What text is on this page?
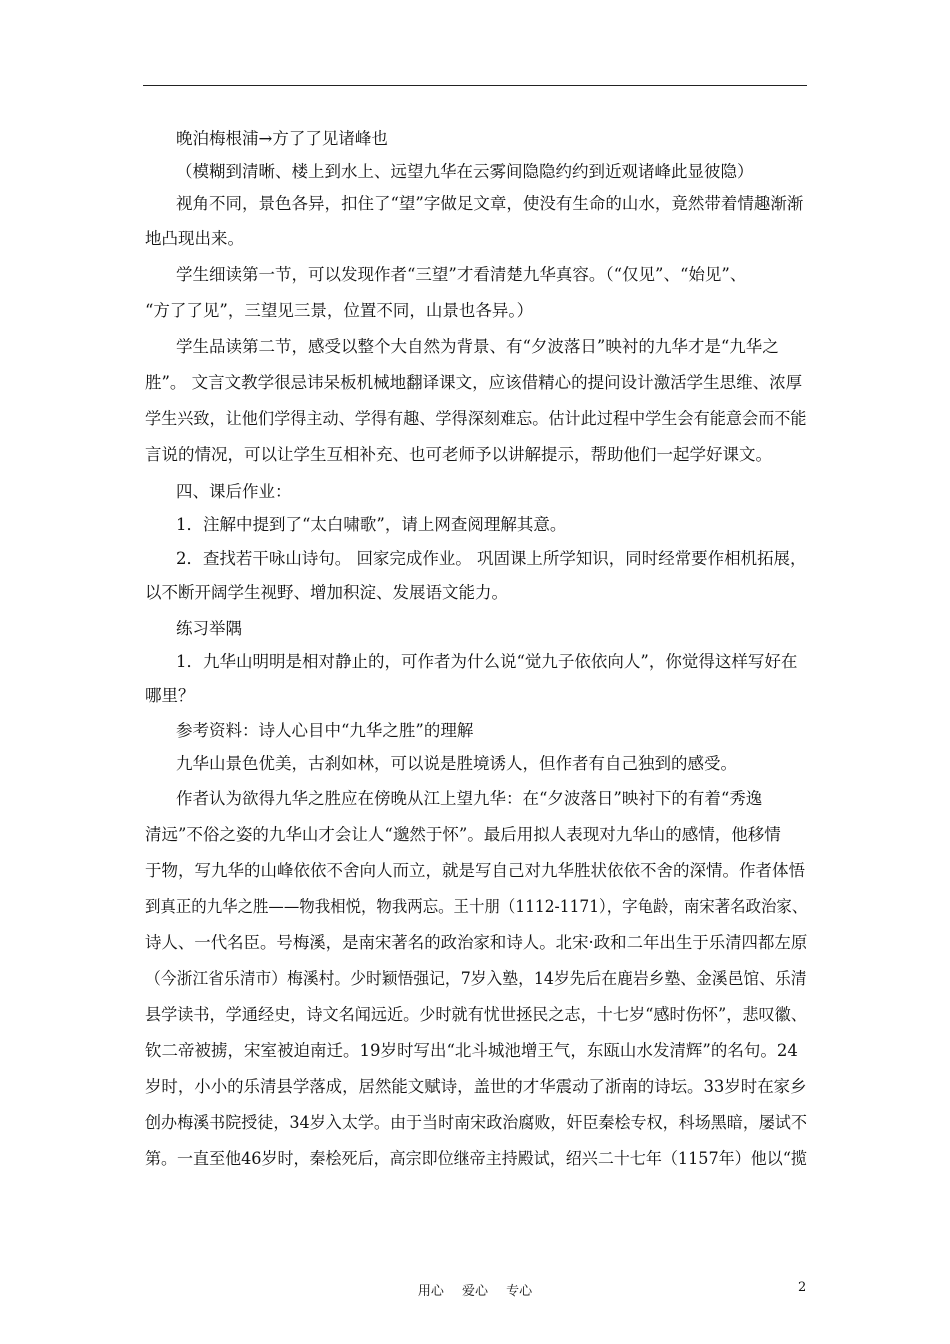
晚泊梅根浦→方了了见诸峰也
（模糊到清晰、楼上到水上、远望九华在云雾间隐隐约约到近观诸峰此显彼隐）
视角不同，景色各异，扣住了“望”字做足文章，使没有生命的山水，竟然带着情趣渐渐
地凸现出来。
学生细读第一节，可以发现作者“三望”才看清楚九华真容。（“仅见”、“始见”、
“方了了见”，三望见三景，位置不同，山景也各异。）
学生品读第二节，感受以整个大自然为背景、有“夕波落日”映衬的九华才是“九华之
胜”。 文言文教学很忌讳呆板机械地翻译课文，应该借精心的提问设计激活学生思维、浓厚
学生兴致，让他们学得主动、学得有趣、学得深刻难忘。估计此过程中学生会有能意会而不能
言说的情况，可以让学生互相补充、也可老师予以讲解提示，帮助他们一起学好课文。
四、课后作业：
1．注解中提到了“太白啸歌”，请上网查阅理解其意。
2．查找若干咏山诗句。 回家完成作业。 巩固课上所学知识，同时经常要作相机拓展，
以不断开阔学生视野、增加积淀、发展语文能力。
练习举隅
1．九华山明明是相对静止的，可作者为什么说“觉九子依依向人”，你觉得这样写好在
哪里？
参考资料：诗人心目中“九华之胜”的理解
九华山景色优美，古刹如林，可以说是胜境诱人，但作者有自己独到的感受。
作者认为欲得九华之胜应在傍晚从江上望九华：在“夕波落日”映衬下的有着“秀逸
清远”不俗之姿的九华山才会让人“邈然于怀”。最后用拟人表现对九华山的感情，他移情
于物，写九华的山峰依依不舍向人而立，就是写自己对九华胜状依依不舍的深情。作者体悟
到真正的九华之胜——物我相悦，物我两忘。王十朋（1112-1171），字龟龄，南宋著名政治家、
诗人、一代名臣。号梅溪，是南宋著名的政治家和诗人。北宋·政和二年出生于乐清四都左原
（今浙江省乐清市）梅溪村。少时颖悟强记，7岁入塾，14岁先后在鹿岩乡塾、金溪邑馆、乐清
县学读书，学通经史，诗文名闻远近。少时就有忧世拯民之志，十七岁“感时伤怀”，悲叹徽、
钦二帝被掳，宋室被迫南迁。19岁时写出“北斗城池增王气，东瓯山水发清辉”的名句。24
岁时，小小的乐清县学落成，居然能文赋诗，盖世的才华震动了浙南的诗坛。33岁时在家乡
创办梅溪书院授徒，34岁入太学。由于当时南宋政治腐败，奸臣秦桧专权，科场黑暗，屡试不
第。一直至他46岁时，秦桧死后，高宗即位继帝主持殿试，绍兴二十七年（1157年）他以“揽
用心 爱心 专心	2
